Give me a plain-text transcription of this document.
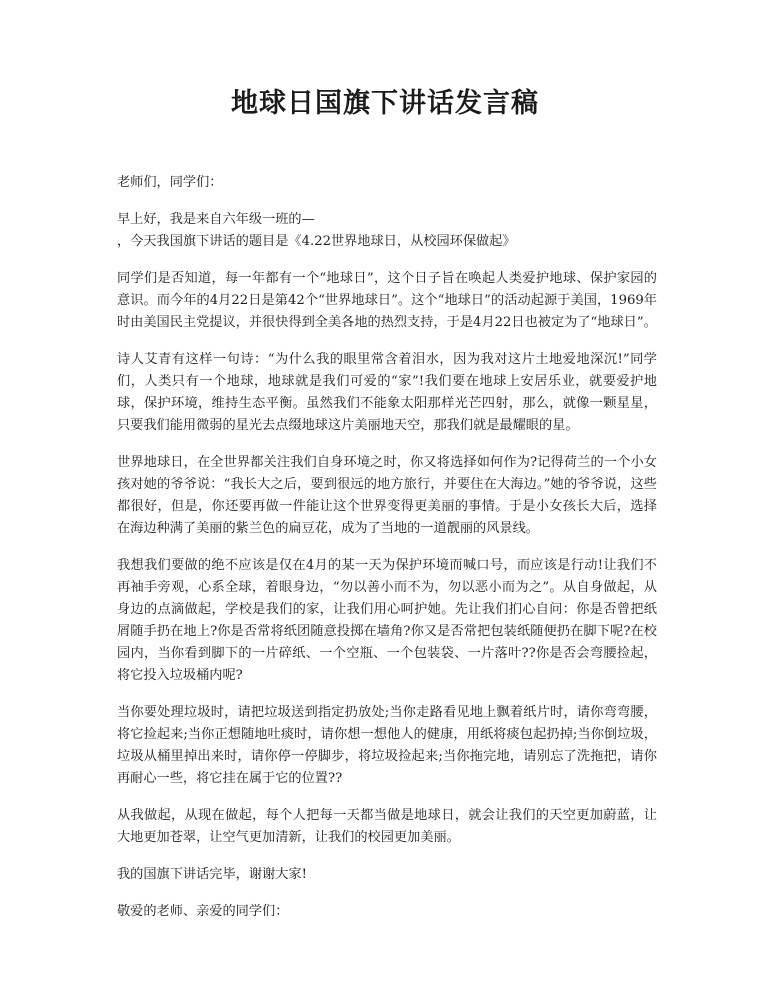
地球日国旗下讲话发言稿

老师们，同学们：

早上好，我是来自六年级一班的—
，今天我国旗下讲话的题目是《4.22世界地球日，从校园环保做起》

同学们是否知道，每一年都有一个“地球日”，这个日子旨在唤起人类爱护地球、保护家园的意识。而今年的4月22日是第42个“世界地球日”。这个“地球日”的活动起源于美国，1969年时由美国民主党提议，并很快得到全美各地的热烈支持，于是4月22日也被定为了“地球日”。

诗人艾青有这样一句诗：“为什么我的眼里常含着泪水，因为我对这片土地爱地深沉!”同学们，人类只有一个地球，地球就是我们可爱的“家”!我们要在地球上安居乐业，就要爱护地球，保护环境，维持生态平衡。虽然我们不能象太阳那样光芒四射，那么，就像一颗星星，只要我们能用微弱的星光去点缀地球这片美丽地天空，那我们就是最耀眼的星。

世界地球日，在全世界都关注我们自身环境之时，你又将选择如何作为?记得荷兰的一个小女孩对她的爷爷说：“我长大之后，要到很远的地方旅行，并要住在大海边。”她的爷爷说，这些都很好，但是，你还要再做一件能让这个世界变得更美丽的事情。于是小女孩长大后，选择在海边种满了美丽的紫兰色的扁豆花，成为了当地的一道靓丽的风景线。

我想我们要做的绝不应该是仅在4月的某一天为保护环境而喊口号，而应该是行动!让我们不再袖手旁观，心系全球，着眼身边，“勿以善小而不为，勿以恶小而为之”。从自身做起，从身边的点滴做起，学校是我们的家，让我们用心呵护她。先让我们扪心自问：你是否曾把纸屑随手扔在地上?你是否常将纸团随意投掷在墙角?你又是否常把包装纸随便扔在脚下呢?在校园内，当你看到脚下的一片碎纸、一个空瓶、一个包装袋、一片落叶??你是否会弯腰捡起，将它投入垃圾桶内呢?

当你要处理垃圾时，请把垃圾送到指定扔放处;当你走路看见地上飘着纸片时，请你弯弯腰，将它捡起来;当你正想随地吐痰时，请你想一想他人的健康，用纸将痰包起扔掉;当你倒垃圾，垃圾从桶里掉出来时，请你停一停脚步，将垃圾捡起来;当你拖完地，请别忘了洗拖把，请你再耐心一些，将它挂在属于它的位置??

从我做起，从现在做起，每个人把每一天都当做是地球日，就会让我们的天空更加蔚蓝，让大地更加苍翠，让空气更加清新，让我们的校园更加美丽。

我的国旗下讲话完毕，谢谢大家!

敬爱的老师、亲爱的同学们：
